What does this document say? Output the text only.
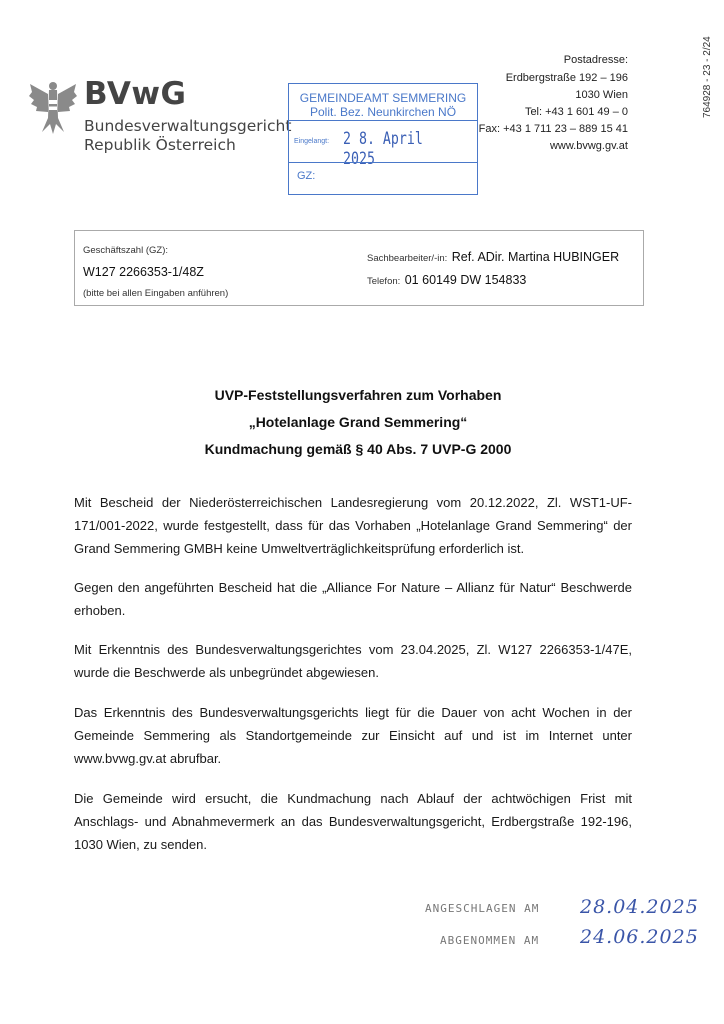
764928 - 23 - 2/24
BVwG
Bundesverwaltungsgericht
Republik Österreich
GEMEINDEAMT SEMMERING
Polit. Bez. Neunkirchen NÖ
Eingelangt: 2 8. April 2025
GZ:
Postadresse:
Erdbergstraße 192 – 196
1030 Wien
Tel: +43 1 601 49 – 0
Fax: +43 1 711 23 – 889 15 41
www.bvwg.gv.at
Geschäftszahl (GZ):
W127 2266353-1/48Z
(bitte bei allen Eingaben anführen)
Sachbearbeiter/-in: Ref. ADir. Martina HUBINGER
Telefon: 01 60149 DW 154833
UVP-Feststellungsverfahren zum Vorhaben
„Hotelanlage Grand Semmering“
Kundmachung gemäß § 40 Abs. 7 UVP-G 2000
Mit Bescheid der Niederösterreichischen Landesregierung vom 20.12.2022, Zl. WST1-UF-171/001-2022, wurde festgestellt, dass für das Vorhaben „Hotelanlage Grand Semmering“ der Grand Semmering GMBH keine Umweltverträglichkeitsprüfung erforderlich ist.
Gegen den angeführten Bescheid hat die „Alliance For Nature – Allianz für Natur“ Beschwerde erhoben.
Mit Erkenntnis des Bundesverwaltungsgerichtes vom 23.04.2025, Zl. W127 2266353-1/47E, wurde die Beschwerde als unbegründet abgewiesen.
Das Erkenntnis des Bundesverwaltungsgerichts liegt für die Dauer von acht Wochen in der Gemeinde Semmering als Standortgemeinde zur Einsicht auf und ist im Internet unter www.bvwg.gv.at abrufbar.
Die Gemeinde wird ersucht, die Kundmachung nach Ablauf der achtwöchigen Frist mit Anschlags- und Abnahmevermerk an das Bundesverwaltungsgericht, Erdbergstraße 192-196, 1030 Wien, zu senden.
ANGESCHLAGEN AM 28.04.2025
ABGENOMMEN AM 24.06.2025
